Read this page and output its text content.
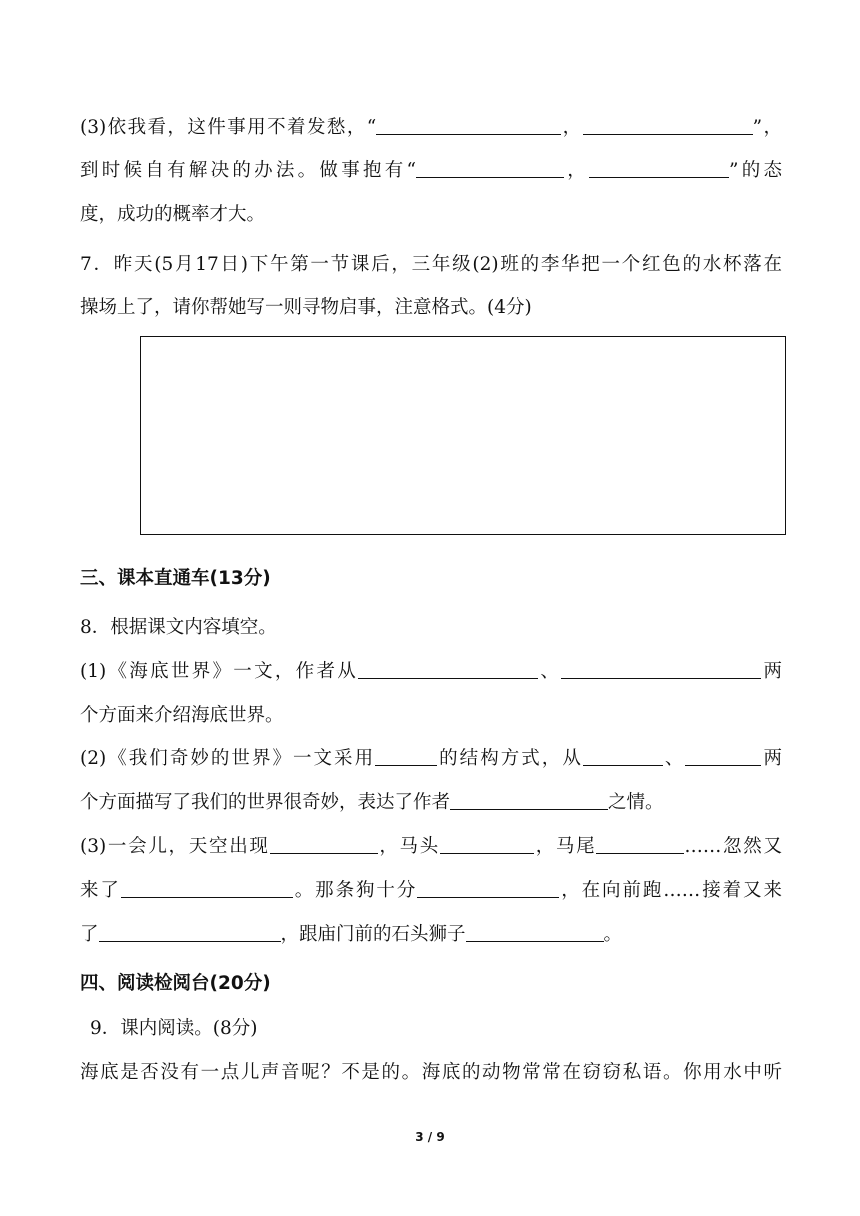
(3)依我看，这件事用不着发愁，“	，	”，
到时候自有解决的办法。做事抱有“	，	”的态
度，成功的概率才大。
7．昨天(5月17日)下午第一节课后，三年级(2)班的李华把一个红色的水杯落在
操场上了，请你帮她写一则寻物启事，注意格式。(4分)
三、课本直通车(13分)
8．根据课文内容填空。
(1)《海底世界》一文，作者从	、	两
个方面来介绍海底世界。
(2)《我们奇妙的世界》一文采用	的结构方式，从	、	两
个方面描写了我们的世界很奇妙，表达了作者	之情。
(3)一会儿，天空出现	，马头	，马尾	……忽然又
来了	。那条狗十分	，在向前跑……接着又来
了	，跟庙门前的石头狮子	。
四、阅读检阅台(20分)
9．课内阅读。(8分)
海底是否没有一点儿声音呢？不是的。海底的动物常常在窃窃私语。你用水中听
3 / 9
